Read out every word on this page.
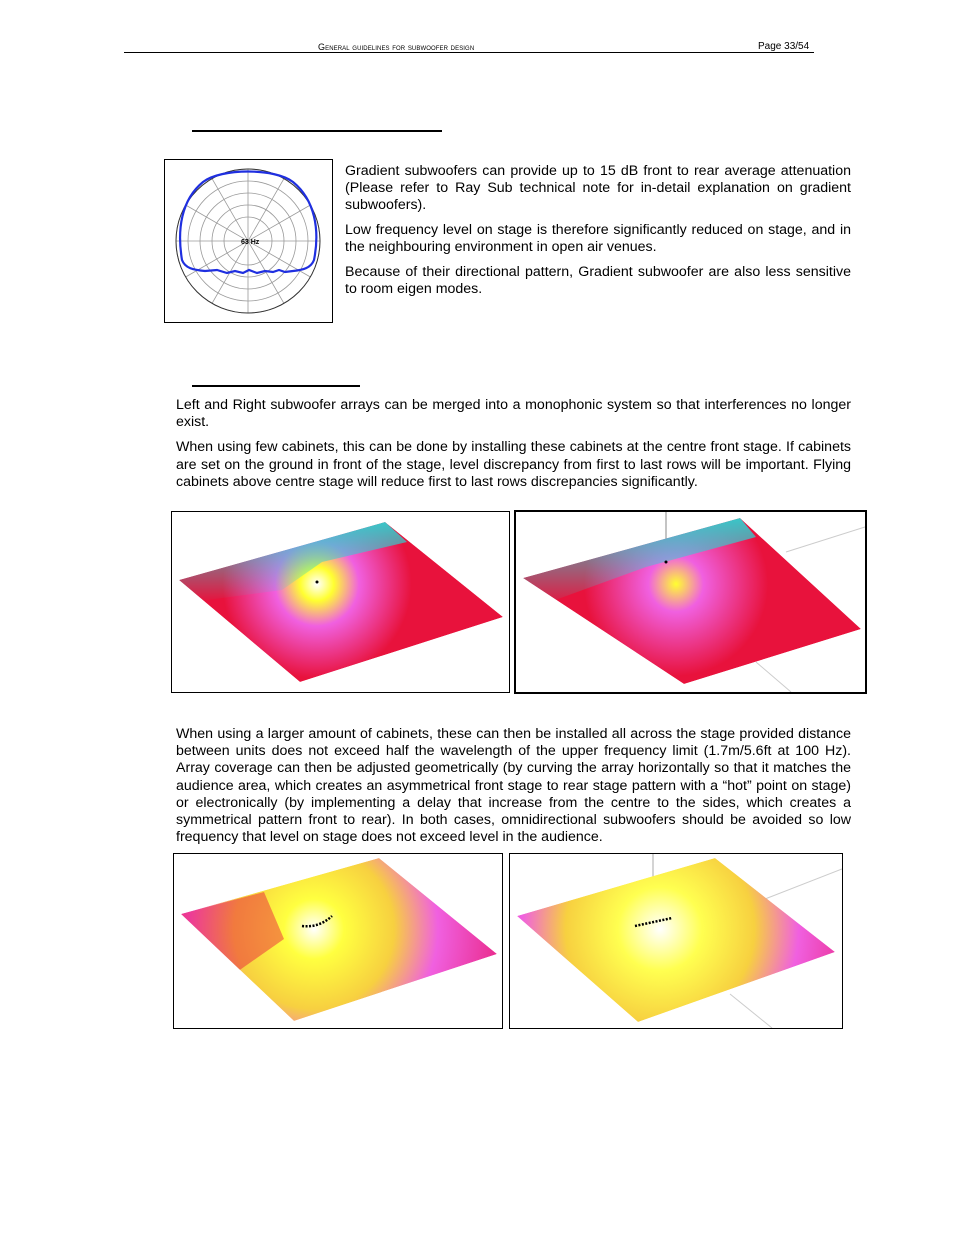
General guidelines for subwoofer design	Page 33/54
63 Hz

Gradient subwoofers can provide up to 15 dB front to rear average attenuation (Please refer to Ray Sub technical note for in-detail explanation on gradient subwoofers).

Low frequency level on stage is therefore significantly reduced on stage, and in the neighbouring environment in open air venues.

Because of their directional pattern, Gradient subwoofer are also less sensitive to room eigen modes.

Left and Right subwoofer arrays can be merged into a monophonic system so that interferences no longer exist.

When using few cabinets, this can be done by installing these cabinets at the centre front stage. If cabinets are set on the ground in front of the stage, level discrepancy from first to last rows will be important. Flying cabinets above centre stage will reduce first to last rows discrepancies significantly.

When using a larger amount of cabinets, these can then be installed all across the stage provided distance between units does not exceed half the wavelength of the upper frequency limit (1.7m/5.6ft at 100 Hz). Array coverage can then be adjusted geometrically (by curving the array horizontally so that it matches the audience area, which creates an asymmetrical front stage to rear stage pattern with a “hot” point on stage) or electronically (by implementing a delay that increase from the centre to the sides, which creates a symmetrical pattern front to rear). In both cases, omnidirectional subwoofers should be avoided so low frequency that level on stage does not exceed level in the audience.
